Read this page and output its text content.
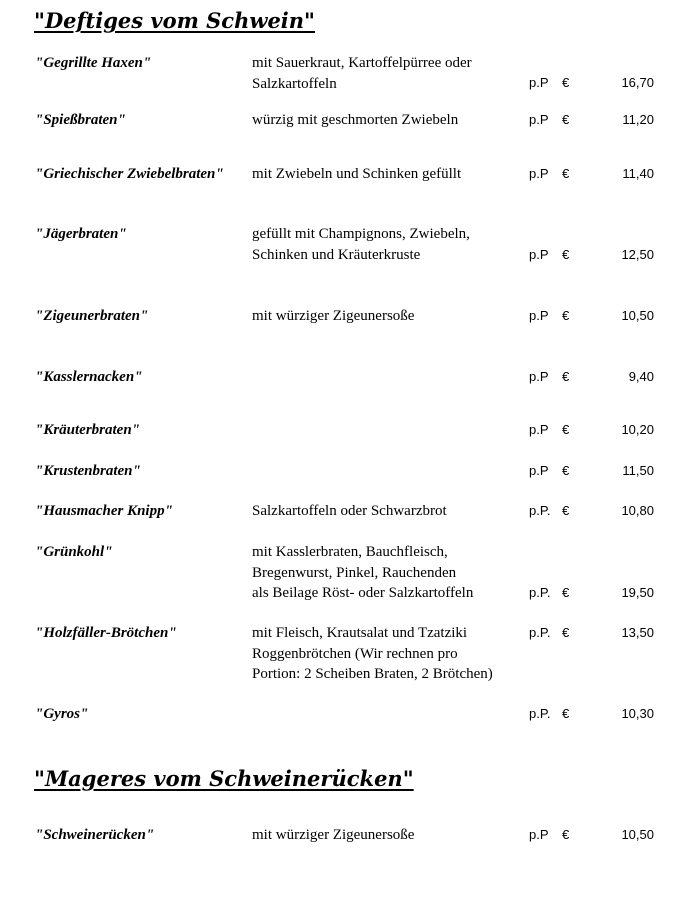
"Deftiges vom Schwein"
"Gegrillte Haxen"	mit Sauerkraut, Kartoffelpürree oder
Salzkartoffeln	p.P €	16,70
"Spießbraten"	würzig mit geschmorten Zwiebeln	p.P €	11,20
"Griechischer Zwiebelbraten" mit Zwiebeln und Schinken gefüllt	p.P €	11,40
"Jägerbraten"	gefüllt mit Champignons, Zwiebeln,
Schinken und Kräuterkruste	p.P €	12,50
"Zigeunerbraten"	mit würziger Zigeunersoße	p.P €	10,50
"Kasslernacken"	p.P €	9,40
"Kräuterbraten"	p.P €	10,20
"Krustenbraten"	p.P €	11,50
"Hausmacher Knipp"	Salzkartoffeln oder Schwarzbrot	p.P. €	10,80
"Grünkohl"	mit Kasslerbraten, Bauchfleisch,
Bregenwurst, Pinkel, Rauchenden
als Beilage Röst- oder Salzkartoffeln	p.P. €	19,50
"Holzfäller-Brötchen"	mit Fleisch, Krautsalat und Tzatziki
Roggenbrötchen (Wir rechnen pro
Portion: 2 Scheiben Braten, 2 Brötchen)
p.P. €	13,50
"Gyros"	p.P. €	10,30
"Mageres vom Schweinerücken"
"Schweinerücken"	mit würziger Zigeunersoße	p.P €	10,50
